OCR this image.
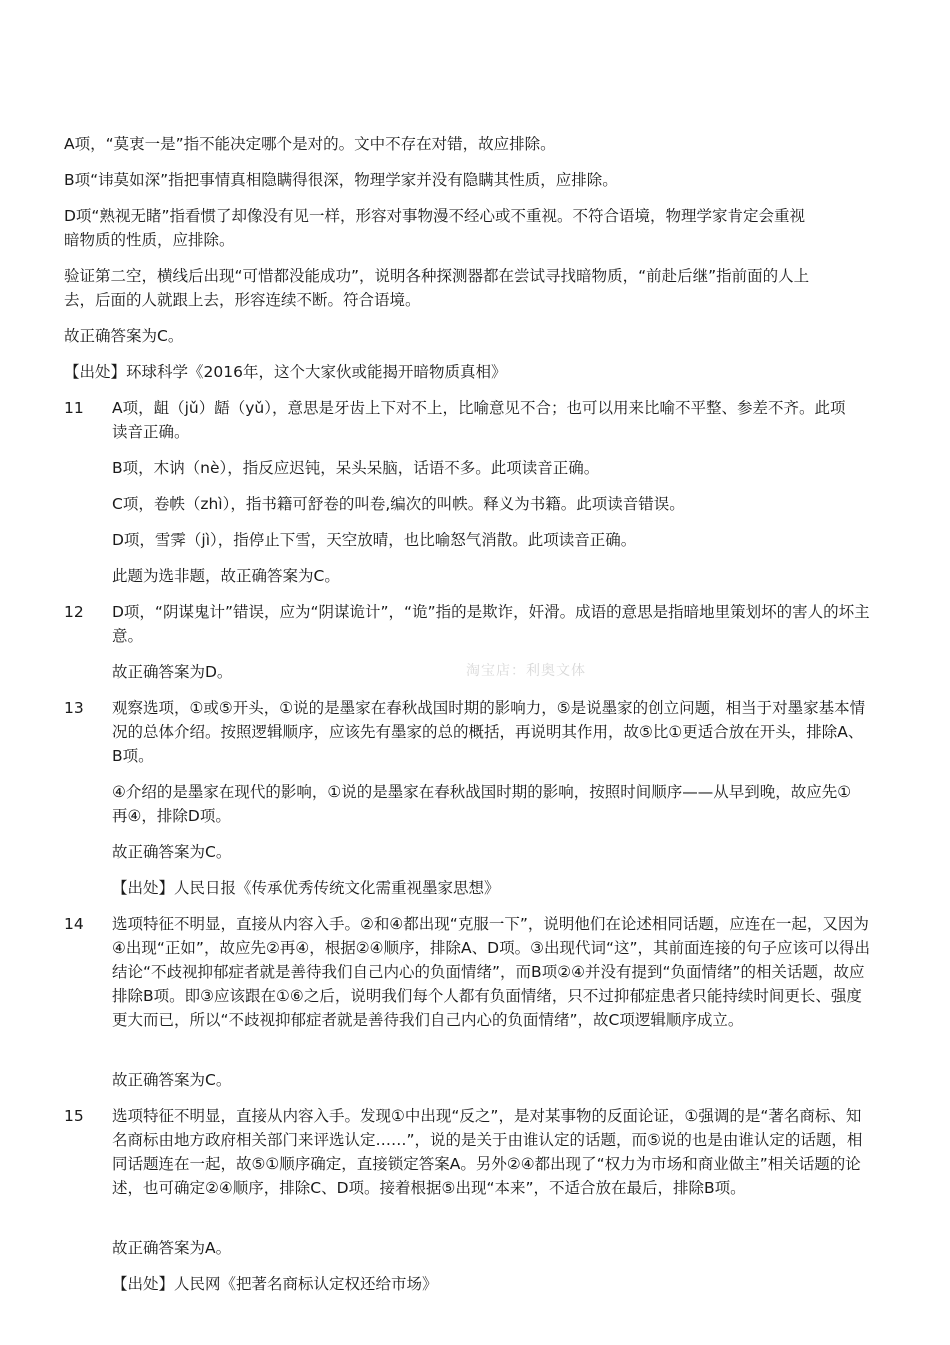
A项，“莫衷一是”指不能决定哪个是对的。文中不存在对错，故应排除。

B项“讳莫如深”指把事情真相隐瞒得很深，物理学家并没有隐瞒其性质，应排除。

D项“熟视无睹”指看惯了却像没有见一样，形容对事物漫不经心或不重视。不符合语境，物理学家肯定会重视暗物质的性质，应排除。

验证第二空，横线后出现“可惜都没能成功”，说明各种探测器都在尝试寻找暗物质，“前赴后继”指前面的人上去，后面的人就跟上去，形容连续不断。符合语境。

故正确答案为C。

【出处】环球科学《2016年，这个大家伙或能揭开暗物质真相》

11	A项，龃（jǔ）龉（yǔ），意思是牙齿上下对不上，比喻意见不合；也可以用来比喻不平整、参差不齐。此项读音正确。

B项，木讷（nè），指反应迟钝，呆头呆脑，话语不多。此项读音正确。

C项，卷帙（zhì），指书籍可舒卷的叫卷,编次的叫帙。释义为书籍。此项读音错误。

D项，雪霁（jì），指停止下雪，天空放晴，也比喻怒气消散。此项读音正确。

此题为选非题，故正确答案为C。

12	D项，“阴谋鬼计”错误，应为“阴谋诡计”，“诡”指的是欺诈，奸滑。成语的意思是指暗地里策划坏的害人的坏主意。

故正确答案为D。	淘宝店：利奥文体
13	观察选项，①或⑤开头，①说的是墨家在春秋战国时期的影响力，⑤是说墨家的创立问题，相当于对墨家基本情况的总体介绍。按照逻辑顺序，应该先有墨家的总的概括，再说明其作用，故⑤比①更适合放在开头，排除A、B项。

④介绍的是墨家在现代的影响，①说的是墨家在春秋战国时期的影响，按照时间顺序——从早到晚，故应先①再④，排除D项。

故正确答案为C。

【出处】人民日报《传承优秀传统文化需重视墨家思想》

14	选项特征不明显，直接从内容入手。②和④都出现“克服一下”，说明他们在论述相同话题，应连在一起，又因为④出现“正如”，故应先②再④，根据②④顺序，排除A、D项。③出现代词“这”，其前面连接的句子应该可以得出结论“不歧视抑郁症者就是善待我们自己内心的负面情绪”，而B项②④并没有提到“负面情绪”的相关话题，故应排除B项。即③应该跟在①⑥之后，说明我们每个人都有负面情绪，只不过抑郁症患者只能持续时间更长、强度更大而已，所以“不歧视抑郁症者就是善待我们自己内心的负面情绪”，故C项逻辑顺序成立。

故正确答案为C。

15	选项特征不明显，直接从内容入手。发现①中出现“反之”，是对某事物的反面论证，①强调的是“著名商标、知名商标由地方政府相关部门来评选认定……”，说的是关于由谁认定的话题，而⑤说的也是由谁认定的话题，相同话题连在一起，故⑤①顺序确定，直接锁定答案A。另外②④都出现了“权力为市场和商业做主”相关话题的论述，也可确定②④顺序，排除C、D项。接着根据⑤出现“本来”，不适合放在最后，排除B项。

故正确答案为A。

【出处】人民网《把著名商标认定权还给市场》
